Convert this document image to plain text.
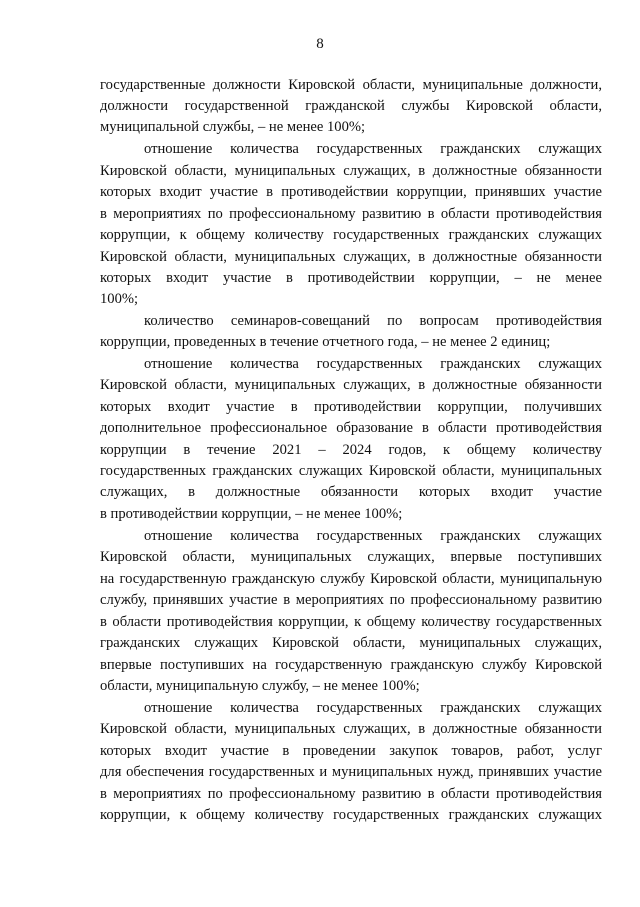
8
государственные должности Кировской области, муниципальные должности,
должности государственной гражданской службы Кировской области,
муниципальной службы, – не менее 100%;
отношение количества государственных гражданских служащих
Кировской области, муниципальных служащих, в должностные обязанности
которых входит участие в противодействии коррупции, принявших участие
в мероприятиях по профессиональному развитию в области противодействия
коррупции, к общему количеству государственных гражданских служащих
Кировской области, муниципальных служащих, в должностные обязанности
которых входит участие в противодействии коррупции, – не менее
100%;
количество семинаров-совещаний по вопросам противодействия
коррупции, проведенных в течение отчетного года, – не менее 2 единиц;
отношение количества государственных гражданских служащих
Кировской области, муниципальных служащих, в должностные обязанности
которых входит участие в противодействии коррупции, получивших
дополнительное профессиональное образование в области противодействия
коррупции в течение 2021 – 2024 годов, к общему количеству
государственных гражданских служащих Кировской области, муниципальных
служащих, в должностные обязанности которых входит участие
в противодействии коррупции, – не менее 100%;
отношение количества государственных гражданских служащих
Кировской области, муниципальных служащих, впервые поступивших
на государственную гражданскую службу Кировской области, муниципальную
службу, принявших участие в мероприятиях по профессиональному развитию
в области противодействия коррупции, к общему количеству государственных
гражданских служащих Кировской области, муниципальных служащих,
впервые поступивших на государственную гражданскую службу Кировской
области, муниципальную службу, – не менее 100%;
отношение количества государственных гражданских служащих
Кировской области, муниципальных служащих, в должностные обязанности
которых входит участие в проведении закупок товаров, работ, услуг
для обеспечения государственных и муниципальных нужд, принявших участие
в мероприятиях по профессиональному развитию в области противодействия
коррупции, к общему количеству государственных гражданских служащих
